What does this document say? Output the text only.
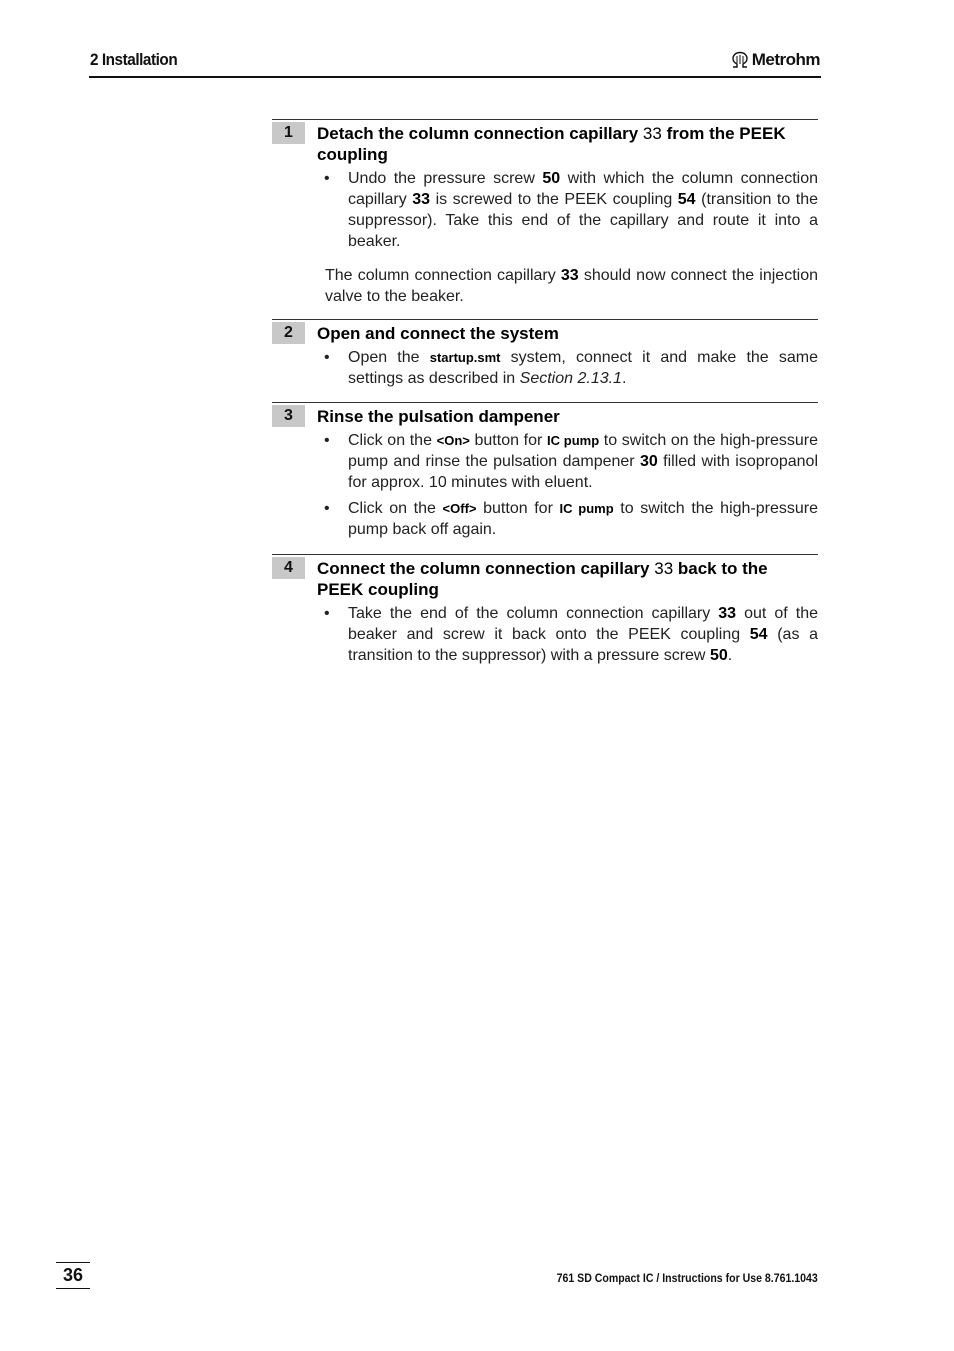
2 Installation	Metrohm
1	Detach the column connection capillary 33 from the PEEK coupling
• Undo the pressure screw 50 with which the column connection capillary 33 is screwed to the PEEK coupling 54 (transition to the suppressor). Take this end of the capillary and route it into a beaker.
The column connection capillary 33 should now connect the injection valve to the beaker.
2	Open and connect the system
• Open the startup.smt system, connect it and make the same settings as described in Section 2.13.1.
3	Rinse the pulsation dampener
• Click on the <On> button for IC pump to switch on the high-pressure pump and rinse the pulsation dampener 30 filled with isopropanol for approx. 10 minutes with eluent.
• Click on the <Off> button for IC pump to switch the high-pressure pump back off again.
4	Connect the column connection capillary 33 back to the PEEK coupling
• Take the end of the column connection capillary 33 out of the beaker and screw it back onto the PEEK coupling 54 (as a transition to the suppressor) with a pressure screw 50.
36	761 SD Compact IC / Instructions for Use 8.761.1043
